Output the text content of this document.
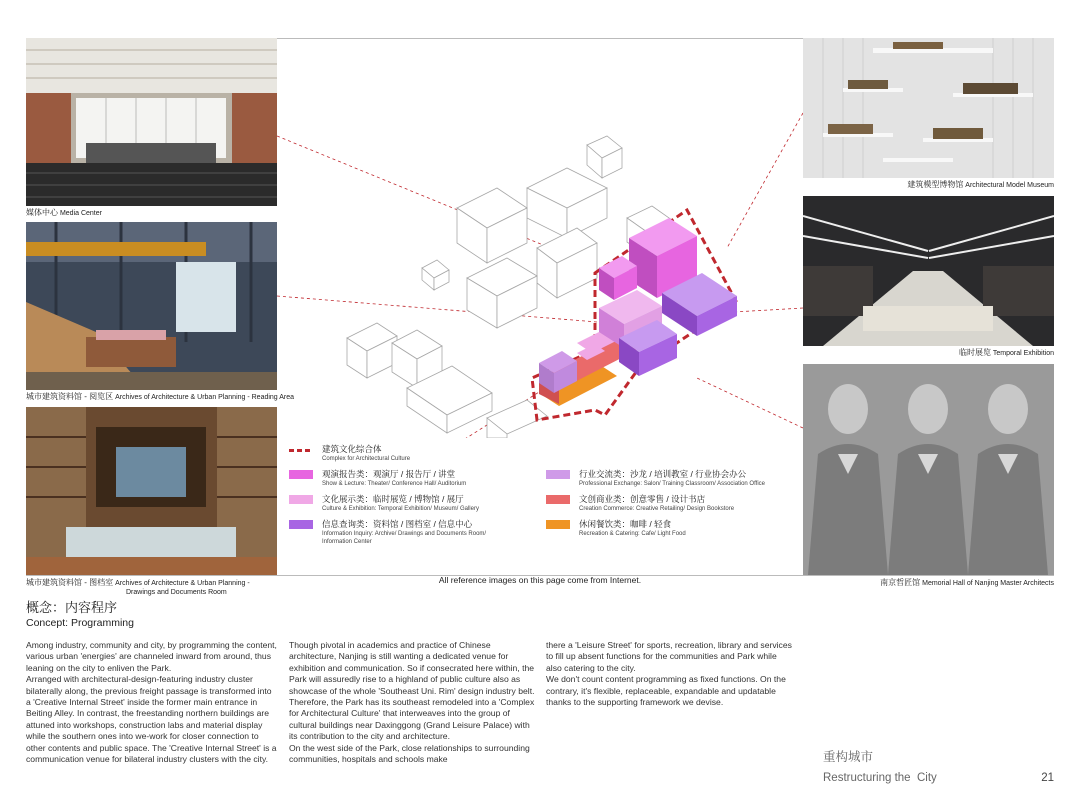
媒体中心 Media Center
城市建筑资料馆 - 阅览区 Archives of Architecture & Urban Planning - Reading Area
城市建筑资料馆 - 图档室 Archives of Architecture & Urban Planning -
Drawings and Documents Room
建筑模型博物馆 Architectural Model Museum
临时展览 Temporal Exhibition
南京哲匠馆 Memorial Hall of Nanjing Master Architects
建筑文化综合体
Complex for Architectural Culture
观演报告类：观演厅 / 报告厅 / 讲堂
Show & Lecture: Theater/ Conference Hall/ Auditorium
文化展示类：临时展览 / 博物馆 / 展厅
Culture & Exhibition: Temporal Exhibition/ Museum/ Gallery
信息查询类：资料馆 / 图档室 / 信息中心
Information Inquiry: Archive/ Drawings and Documents Room/
Information Center
行业交流类：沙龙 / 培训教室 / 行业协会办公
Professional Exchange: Salon/ Training Classroom/ Association Office
文创商业类：创意零售 / 设计书店
Creation Commerce: Creative Retailing/ Design Bookstore
休闲餐饮类：咖啡 / 轻食
Recreation & Catering: Cafe/ Light Food
All reference images on this page come from Internet.
概念：内容程序
Concept: Programming

Among industry, community and city, by programming the content, various urban 'energies' are channeled inward from around, thus leaning on the city to enliven the Park.

Arranged with architectural-design-featuring industry cluster bilaterally along, the previous freight passage is transformed into a 'Creative Internal Street' inside the former main entrance in Beiting Alley. In contrast, the freestanding northern buildings are attuned into workshops, construction labs and material display while the southern ones into we-work for closer connection to other contents and public space. The 'Creative Internal Street' is a communication venue for bilateral industry clusters with the city.

Though pivotal in academics and practice of Chinese architecture, Nanjing is still wanting a dedicated venue for exhibition and communication. So if consecrated here within, the Park will assuredly rise to a highland of public culture also as showcase of the whole 'Southeast Uni. Rim' design industry belt. Therefore, the Park has its southeast remodeled into a 'Complex for Architectural Culture' that interweaves into the group of cultural buildings near Daxinggong (Grand Leisure Palace) with its contribution to the city and architecture.

On the west side of the Park, close relationships to surrounding communities, hospitals and schools make

there a 'Leisure Street' for sports, recreation, library and services to fill up absent functions for the communities and Park while also catering to the city.

We don't count content programming as fixed functions. On the contrary, it's flexible, replaceable, expandable and updatable thanks to the supporting framework we devise.

重构城市
Restructuring the  City	21
